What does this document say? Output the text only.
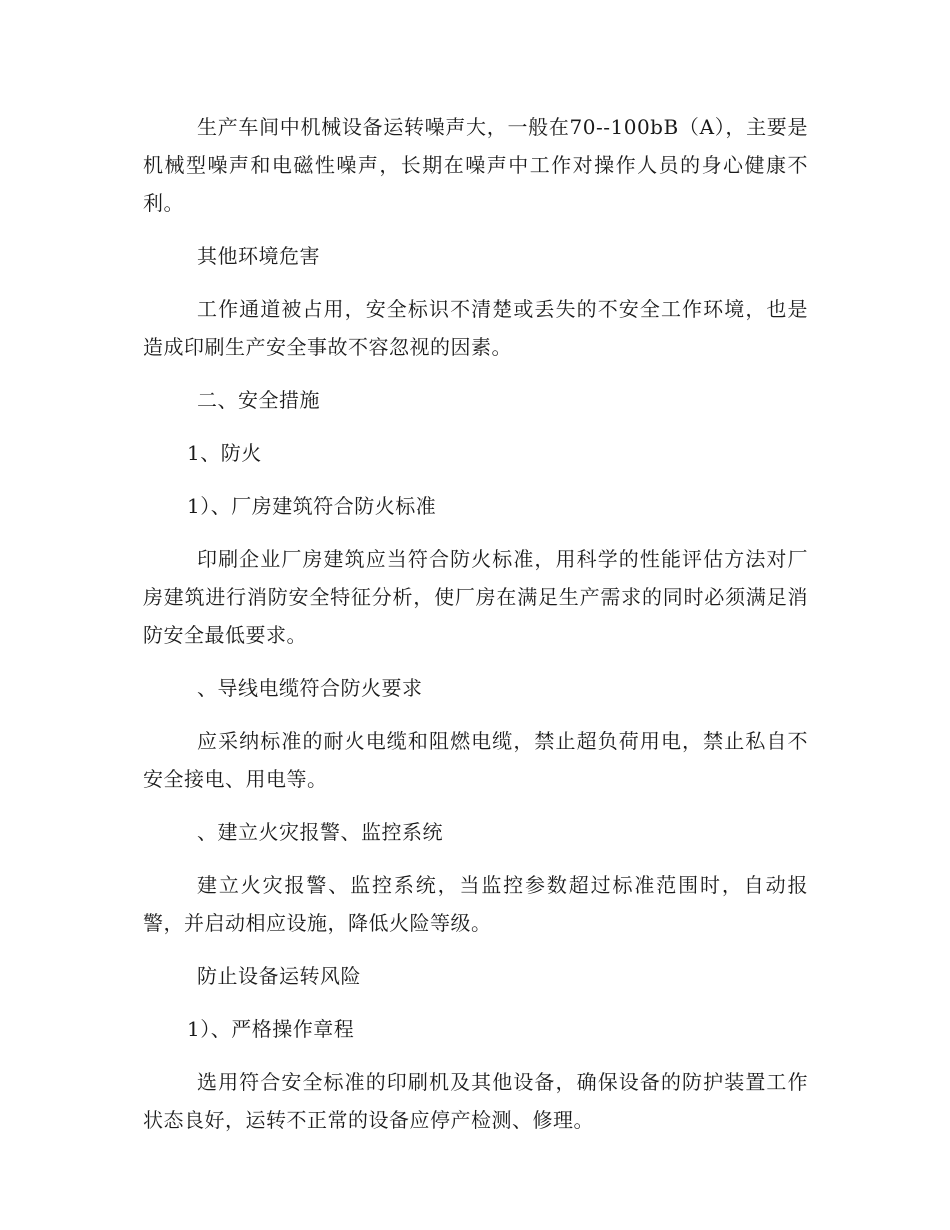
生产车间中机械设备运转噪声大，一般在70--100bB（A），主要是机械型噪声和电磁性噪声，长期在噪声中工作对操作人员的身心健康不利。

其他环境危害

工作通道被占用，安全标识不清楚或丢失的不安全工作环境，也是造成印刷生产安全事故不容忽视的因素。

二、安全措施

1、防火

1）、厂房建筑符合防火标准

印刷企业厂房建筑应当符合防火标准，用科学的性能评估方法对厂房建筑进行消防安全特征分析，使厂房在满足生产需求的同时必须满足消防安全最低要求。

、导线电缆符合防火要求

应采纳标准的耐火电缆和阻燃电缆，禁止超负荷用电，禁止私自不安全接电、用电等。

、建立火灾报警、监控系统

建立火灾报警、监控系统，当监控参数超过标准范围时，自动报警，并启动相应设施，降低火险等级。

防止设备运转风险

1）、严格操作章程

选用符合安全标准的印刷机及其他设备，确保设备的防护装置工作状态良好，运转不正常的设备应停产检测、修理。
